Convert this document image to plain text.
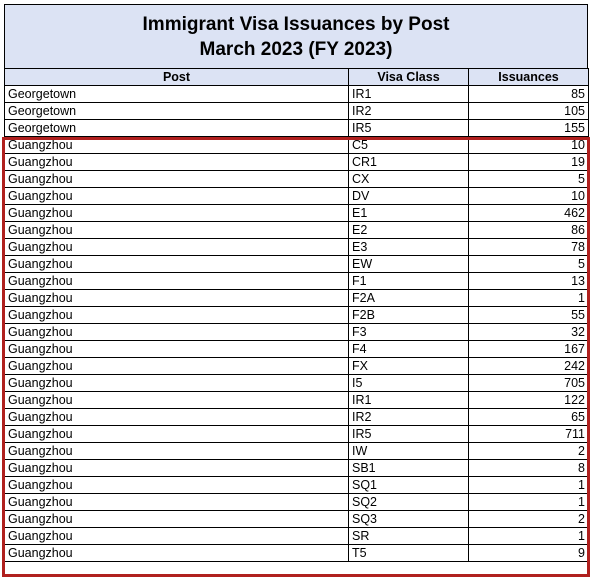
Immigrant Visa Issuances by Post
March 2023 (FY 2023)
Post	Visa Class	Issuances
Georgetown	IR1	85
Georgetown	IR2	105
Georgetown	IR5	155
Guangzhou	C5	10
Guangzhou	CR1	19
Guangzhou	CX	5
Guangzhou	DV	10
Guangzhou	E1	462
Guangzhou	E2	86
Guangzhou	E3	78
Guangzhou	EW	5
Guangzhou	F1	13
Guangzhou	F2A	1
Guangzhou	F2B	55
Guangzhou	F3	32
Guangzhou	F4	167
Guangzhou	FX	242
Guangzhou	I5	705
Guangzhou	IR1	122
Guangzhou	IR2	65
Guangzhou	IR5	711
Guangzhou	IW	2
Guangzhou	SB1	8
Guangzhou	SQ1	1
Guangzhou	SQ2	1
Guangzhou	SQ3	2
Guangzhou	SR	1
Guangzhou	T5	9
